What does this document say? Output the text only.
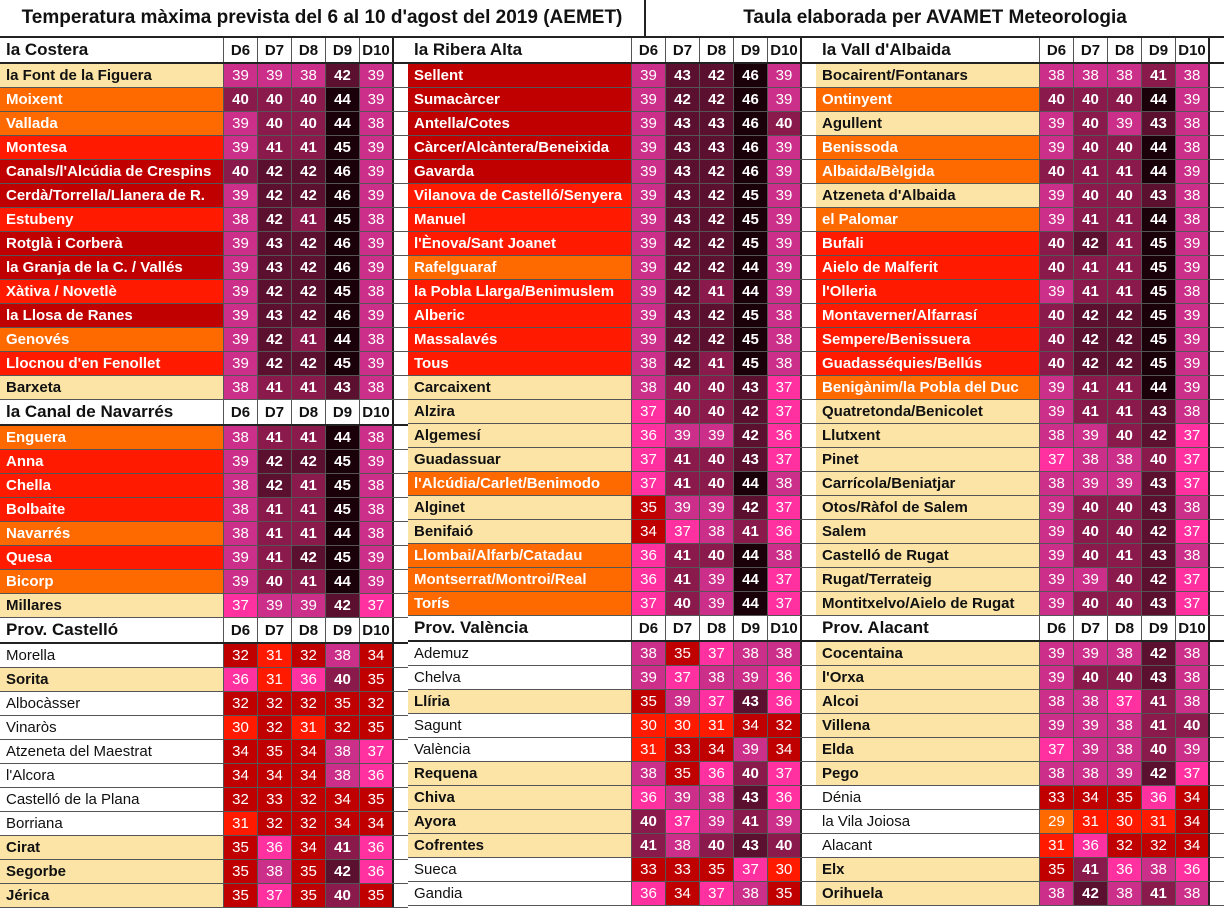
Temperatura màxima prevista del 6 al 10 d'agost del 2019 (AEMET)	Taula elaborada per AVAMET Meteorologia
la Costera	D6 D7 D8 D9 D10
la Font de la Figuera	39	39	38	42	39
Moixent	40	40	40	44	39
Vallada	39	40	40	44	38
Montesa	39	41	41	45	39
Canals/l'Alcúdia de Crespins	40	42	42	46	39
Cerdà/Torrella/Llanera de R.	39	42	42	46	39
Estubeny	38	42	41	45	38
Rotglà i Corberà	39	43	42	46	39
la Granja de la C. / Vallés	39	43	42	46	39
Xàtiva / Novetlè	39	42	42	45	38
la Llosa de Ranes	39	43	42	46	39
Genovés	39	42	41	44	38
Llocnou d'en Fenollet	39	42	42	45	39
Barxeta	38	41	41	43	38
la Canal de Navarrés	D6 D7 D8 D9 D10
Enguera	38	41	41	44	38
Anna	39	42	42	45	39
Chella	38	42	41	45	38
Bolbaite	38	41	41	45	38
Navarrés	38	41	41	44	38
Quesa	39	41	42	45	39
Bicorp	39	40	41	44	39
Millares	37	39	39	42	37
Prov. Castelló	D6 D7 D8 D9 D10
Morella	32	31	32	38	34
Sorita	36	31	36	40	35
Albocàsser	32	32	32	35	32
Vinaròs	30	32	31	32	35
Atzeneta del Maestrat	34	35	34	38	37
l'Alcora	34	34	34	38	36
Castelló de la Plana	32	33	32	34	35
Borriana	31	32	32	34	34
Cirat	35	36	34	41	36
Segorbe	35	38	35	42	36
Jérica	35	37	35	40	35
la Ribera Alta	D6 D7 D8 D9 D10
Sellent	39	43	42	46	39
Sumacàrcer	39	42	42	46	39
Antella/Cotes	39	43	43	46	40
Càrcer/Alcàntera/Beneixida	39	43	43	46	39
Gavarda	39	43	42	46	39
Vilanova de Castelló/Senyera	39	43	42	45	39
Manuel	39	43	42	45	39
l'Ènova/Sant Joanet	39	42	42	45	39
Rafelguaraf	39	42	42	44	39
la Pobla Llarga/Benimuslem	39	42	41	44	39
Alberic	39	43	42	45	38
Massalavés	39	42	42	45	38
Tous	38	42	41	45	38
Carcaixent	38	40	40	43	37
Alzira	37	40	40	42	37
Algemesí	36	39	39	42	36
Guadassuar	37	41	40	43	37
l'Alcúdia/Carlet/Benimodo	37	41	40	44	38
Alginet	35	39	39	42	37
Benifaió	34	37	38	41	36
Llombai/Alfarb/Catadau	36	41	40	44	38
Montserrat/Montroi/Real	36	41	39	44	37
Torís	37	40	39	44	37
Prov. València	D6 D7 D8 D9 D10
Ademuz	38	35	37	38	38
Chelva	39	37	38	39	36
Llíria	35	39	37	43	36
Sagunt	30	30	31	34	32
València	31	33	34	39	34
Requena	38	35	36	40	37
Chiva	36	39	38	43	36
Ayora	40	37	39	41	39
Cofrentes	41	38	40	43	40
Sueca	33	33	35	37	30
Gandia	36	34	37	38	35
la Vall d'Albaida	D6 D7 D8 D9 D10
Bocairent/Fontanars	38	38	38	41	38
Ontinyent	40	40	40	44	39
Agullent	39	40	39	43	38
Benissoda	39	40	40	44	38
Albaida/Bèlgida	40	41	41	44	39
Atzeneta d'Albaida	39	40	40	43	38
el Palomar	39	41	41	44	38
Bufali	40	42	41	45	39
Aielo de Malferit	40	41	41	45	39
l'Olleria	39	41	41	45	38
Montaverner/Alfarrasí	40	42	42	45	39
Sempere/Benissuera	40	42	42	45	39
Guadasséquies/Bellús	40	42	42	45	39
Benigànim/la Pobla del Duc	39	41	41	44	39
Quatretonda/Benicolet	39	41	41	43	38
Llutxent	38	39	40	42	37
Pinet	37	38	38	40	37
Carrícola/Beniatjar	38	39	39	43	37
Otos/Ràfol de Salem	39	40	40	43	38
Salem	39	40	40	42	37
Castelló de Rugat	39	40	41	43	38
Rugat/Terrateig	39	39	40	42	37
Montitxelvo/Aielo de Rugat	39	40	40	43	37
Prov. Alacant	D6 D7 D8 D9 D10
Cocentaina	39	39	38	42	38
l'Orxa	39	40	40	43	38
Alcoi	38	38	37	41	38
Villena	39	39	38	41	40
Elda	37	39	38	40	39
Pego	38	38	39	42	37
Dénia	33	34	35	36	34
la Vila Joiosa	29	31	30	31	34
Alacant	31	36	32	32	34
Elx	35	41	36	38	36
Orihuela	38	42	38	41	38
